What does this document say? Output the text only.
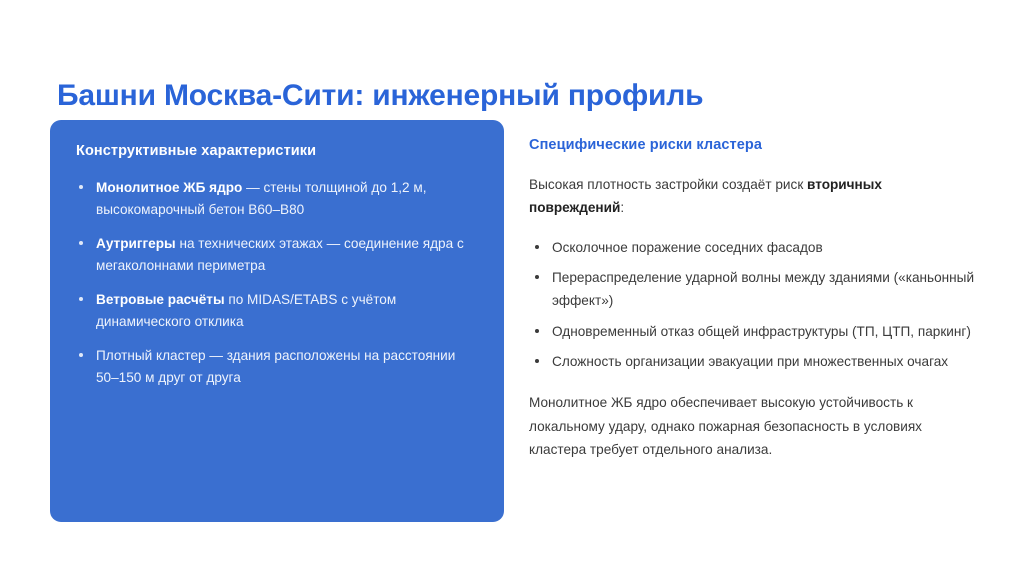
Башни Москва-Сити: инженерный профиль
Конструктивные характеристики
Монолитное ЖБ ядро — стены толщиной до 1,2 м, высокомарочный бетон B60–B80
Аутриггеры на технических этажах — соединение ядра с мегаколоннами периметра
Ветровые расчёты по MIDAS/ETABS с учётом динамического отклика
Плотный кластер — здания расположены на расстоянии 50–150 м друг от друга
Специфические риски кластера

Высокая плотность застройки создаёт риск вторичных повреждений:

Осколочное поражение соседних фасадов
Перераспределение ударной волны между зданиями («каньонный эффект»)
Одновременный отказ общей инфраструктуры (ТП, ЦТП, паркинг)
Сложность организации эвакуации при множественных очагах

Монолитное ЖБ ядро обеспечивает высокую устойчивость к локальному удару, однако пожарная безопасность в условиях кластера требует отдельного анализа.
